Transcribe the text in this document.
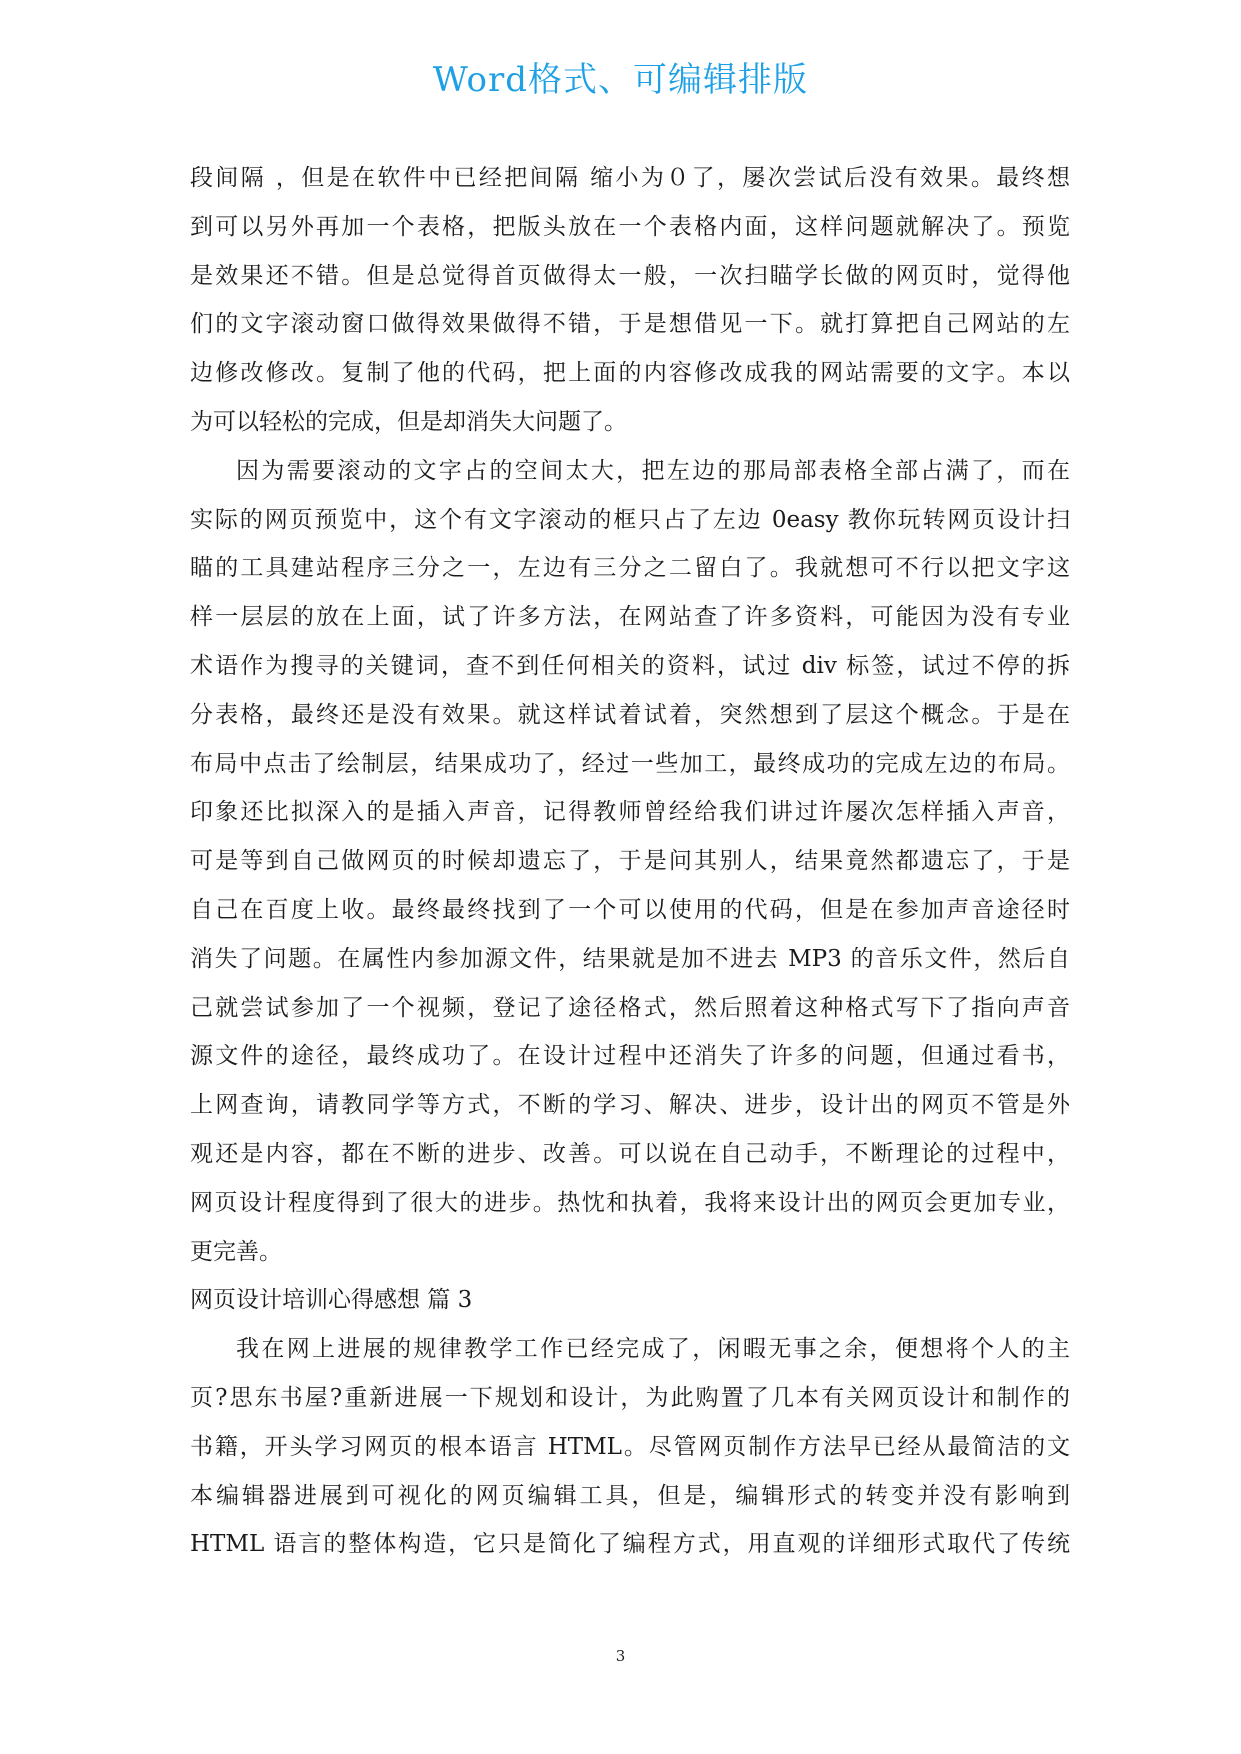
Word格式、可编辑排版
段间隔 ，但是在软件中已经把间隔 缩小为０了，屡次尝试后没有效果。最终想
到可以另外再加一个表格，把版头放在一个表格内面，这样问题就解决了。预览
是效果还不错。但是总觉得首页做得太一般，一次扫瞄学长做的网页时，觉得他
们的文字滚动窗口做得效果做得不错，于是想借见一下。就打算把自己网站的左
边修改修改。复制了他的代码，把上面的内容修改成我的网站需要的文字。本以
为可以轻松的完成，但是却消失大问题了。
因为需要滚动的文字占的空间太大，把左边的那局部表格全部占满了，而在
实际的网页预览中，这个有文字滚动的框只占了左边 0easy 教你玩转网页设计扫
瞄的工具建站程序三分之一，左边有三分之二留白了。我就想可不行以把文字这
样一层层的放在上面，试了许多方法，在网站查了许多资料，可能因为没有专业
术语作为搜寻的关键词，查不到任何相关的资料，试过 div 标签，试过不停的拆
分表格，最终还是没有效果。就这样试着试着，突然想到了层这个概念。于是在
布局中点击了绘制层，结果成功了，经过一些加工，最终成功的完成左边的布局。
印象还比拟深入的是插入声音，记得教师曾经给我们讲过许屡次怎样插入声音，
可是等到自己做网页的时候却遗忘了，于是问其别人，结果竟然都遗忘了，于是
自己在百度上收。最终最终找到了一个可以使用的代码，但是在参加声音途径时
消失了问题。在属性内参加源文件，结果就是加不进去 MP3 的音乐文件，然后自
己就尝试参加了一个视频，登记了途径格式，然后照着这种格式写下了指向声音
源文件的途径，最终成功了。在设计过程中还消失了许多的问题，但通过看书，
上网查询，请教同学等方式，不断的学习、解决、进步，设计出的网页不管是外
观还是内容，都在不断的进步、改善。可以说在自己动手，不断理论的过程中，
网页设计程度得到了很大的进步。热忱和执着，我将来设计出的网页会更加专业，
更完善。
网页设计培训心得感想 篇 3
我在网上进展的规律教学工作已经完成了，闲暇无事之余，便想将个人的主
页?思东书屋?重新进展一下规划和设计，为此购置了几本有关网页设计和制作的
书籍，开头学习网页的根本语言 HTML。尽管网页制作方法早已经从最简洁的文
本编辑器进展到可视化的网页编辑工具，但是，编辑形式的转变并没有影响到
HTML 语言的整体构造，它只是简化了编程方式，用直观的详细形式取代了传统
3
